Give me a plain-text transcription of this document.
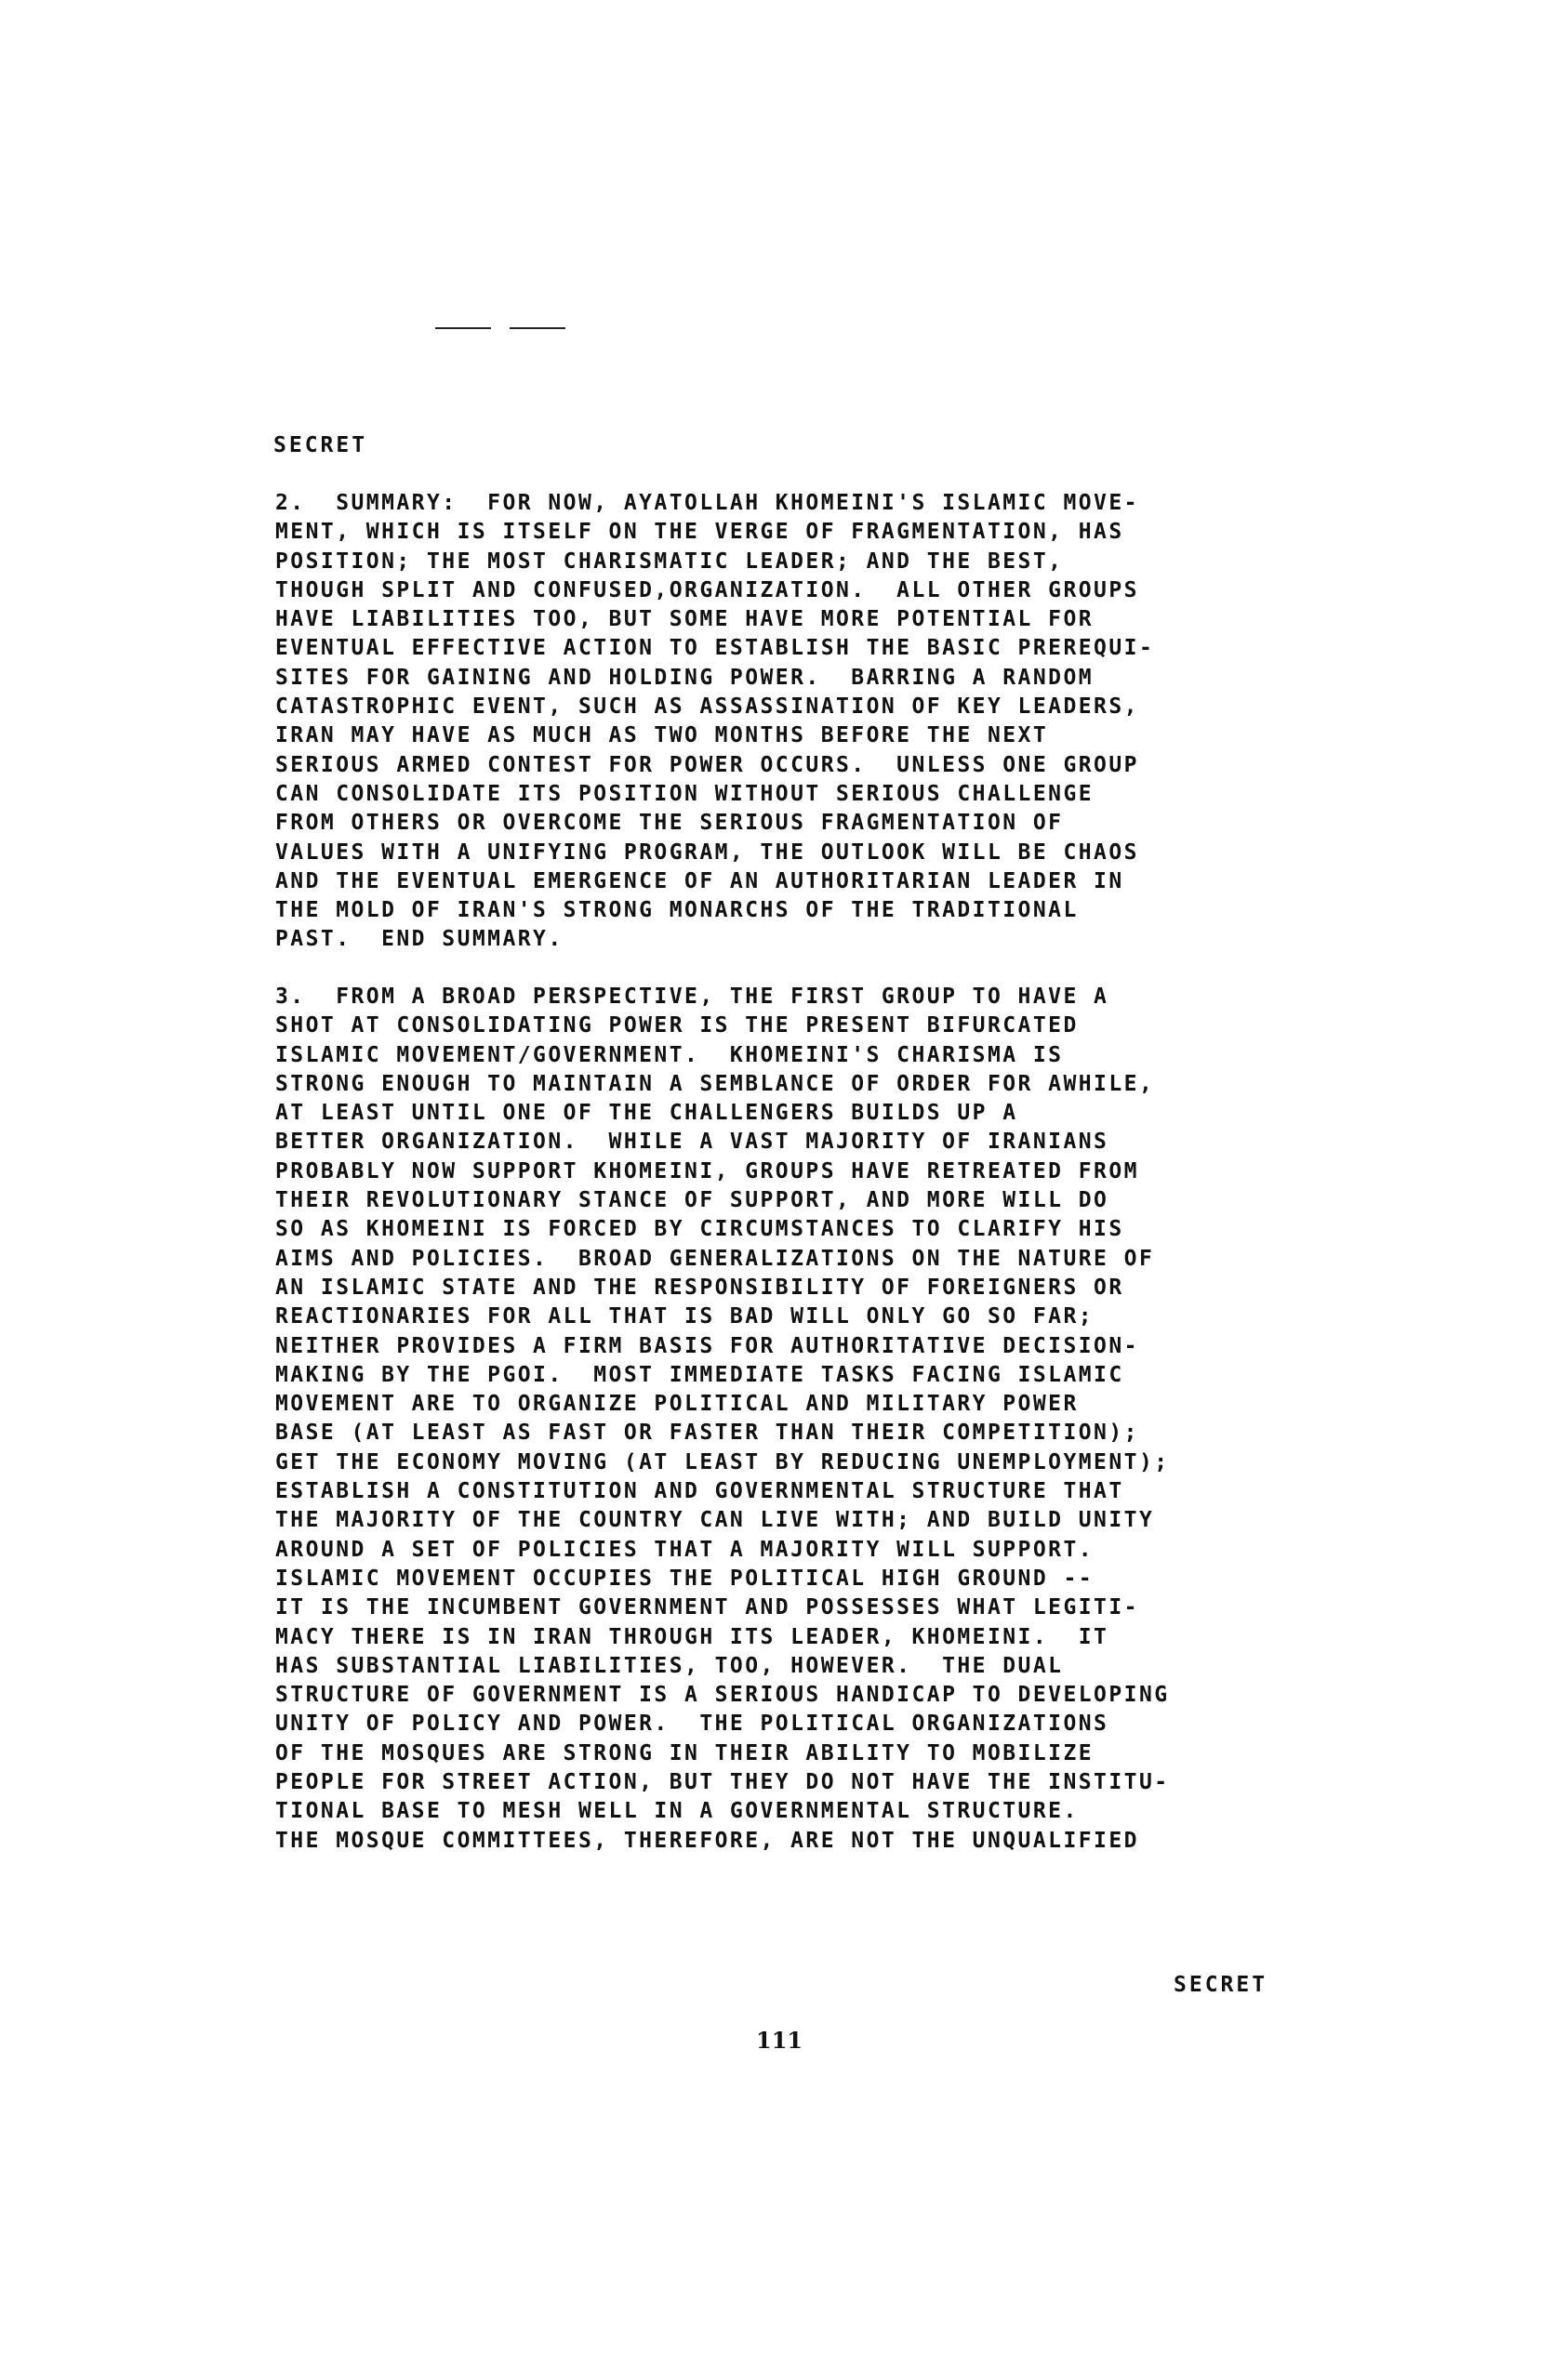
SECRET
2.  SUMMARY:  FOR NOW, AYATOLLAH KHOMEINI'S ISLAMIC MOVE-
MENT, WHICH IS ITSELF ON THE VERGE OF FRAGMENTATION, HAS
POSITION; THE MOST CHARISMATIC LEADER; AND THE BEST,
THOUGH SPLIT AND CONFUSED,ORGANIZATION.  ALL OTHER GROUPS
HAVE LIABILITIES TOO, BUT SOME HAVE MORE POTENTIAL FOR
EVENTUAL EFFECTIVE ACTION TO ESTABLISH THE BASIC PREREQUI-
SITES FOR GAINING AND HOLDING POWER.  BARRING A RANDOM
CATASTROPHIC EVENT, SUCH AS ASSASSINATION OF KEY LEADERS,
IRAN MAY HAVE AS MUCH AS TWO MONTHS BEFORE THE NEXT
SERIOUS ARMED CONTEST FOR POWER OCCURS.  UNLESS ONE GROUP
CAN CONSOLIDATE ITS POSITION WITHOUT SERIOUS CHALLENGE
FROM OTHERS OR OVERCOME THE SERIOUS FRAGMENTATION OF
VALUES WITH A UNIFYING PROGRAM, THE OUTLOOK WILL BE CHAOS
AND THE EVENTUAL EMERGENCE OF AN AUTHORITARIAN LEADER IN
THE MOLD OF IRAN'S STRONG MONARCHS OF THE TRADITIONAL
PAST.  END SUMMARY.
3.  FROM A BROAD PERSPECTIVE, THE FIRST GROUP TO HAVE A
SHOT AT CONSOLIDATING POWER IS THE PRESENT BIFURCATED
ISLAMIC MOVEMENT/GOVERNMENT.  KHOMEINI'S CHARISMA IS
STRONG ENOUGH TO MAINTAIN A SEMBLANCE OF ORDER FOR AWHILE,
AT LEAST UNTIL ONE OF THE CHALLENGERS BUILDS UP A
BETTER ORGANIZATION.  WHILE A VAST MAJORITY OF IRANIANS
PROBABLY NOW SUPPORT KHOMEINI, GROUPS HAVE RETREATED FROM
THEIR REVOLUTIONARY STANCE OF SUPPORT, AND MORE WILL DO
SO AS KHOMEINI IS FORCED BY CIRCUMSTANCES TO CLARIFY HIS
AIMS AND POLICIES.  BROAD GENERALIZATIONS ON THE NATURE OF
AN ISLAMIC STATE AND THE RESPONSIBILITY OF FOREIGNERS OR
REACTIONARIES FOR ALL THAT IS BAD WILL ONLY GO SO FAR;
NEITHER PROVIDES A FIRM BASIS FOR AUTHORITATIVE DECISION-
MAKING BY THE PGOI.  MOST IMMEDIATE TASKS FACING ISLAMIC
MOVEMENT ARE TO ORGANIZE POLITICAL AND MILITARY POWER
BASE (AT LEAST AS FAST OR FASTER THAN THEIR COMPETITION);
GET THE ECONOMY MOVING (AT LEAST BY REDUCING UNEMPLOYMENT);
ESTABLISH A CONSTITUTION AND GOVERNMENTAL STRUCTURE THAT
THE MAJORITY OF THE COUNTRY CAN LIVE WITH; AND BUILD UNITY
AROUND A SET OF POLICIES THAT A MAJORITY WILL SUPPORT.
ISLAMIC MOVEMENT OCCUPIES THE POLITICAL HIGH GROUND --
IT IS THE INCUMBENT GOVERNMENT AND POSSESSES WHAT LEGITI-
MACY THERE IS IN IRAN THROUGH ITS LEADER, KHOMEINI.  IT
HAS SUBSTANTIAL LIABILITIES, TOO, HOWEVER.  THE DUAL
STRUCTURE OF GOVERNMENT IS A SERIOUS HANDICAP TO DEVELOPING
UNITY OF POLICY AND POWER.  THE POLITICAL ORGANIZATIONS
OF THE MOSQUES ARE STRONG IN THEIR ABILITY TO MOBILIZE
PEOPLE FOR STREET ACTION, BUT THEY DO NOT HAVE THE INSTITU-
TIONAL BASE TO MESH WELL IN A GOVERNMENTAL STRUCTURE.
THE MOSQUE COMMITTEES, THEREFORE, ARE NOT THE UNQUALIFIED
SECRET
111
